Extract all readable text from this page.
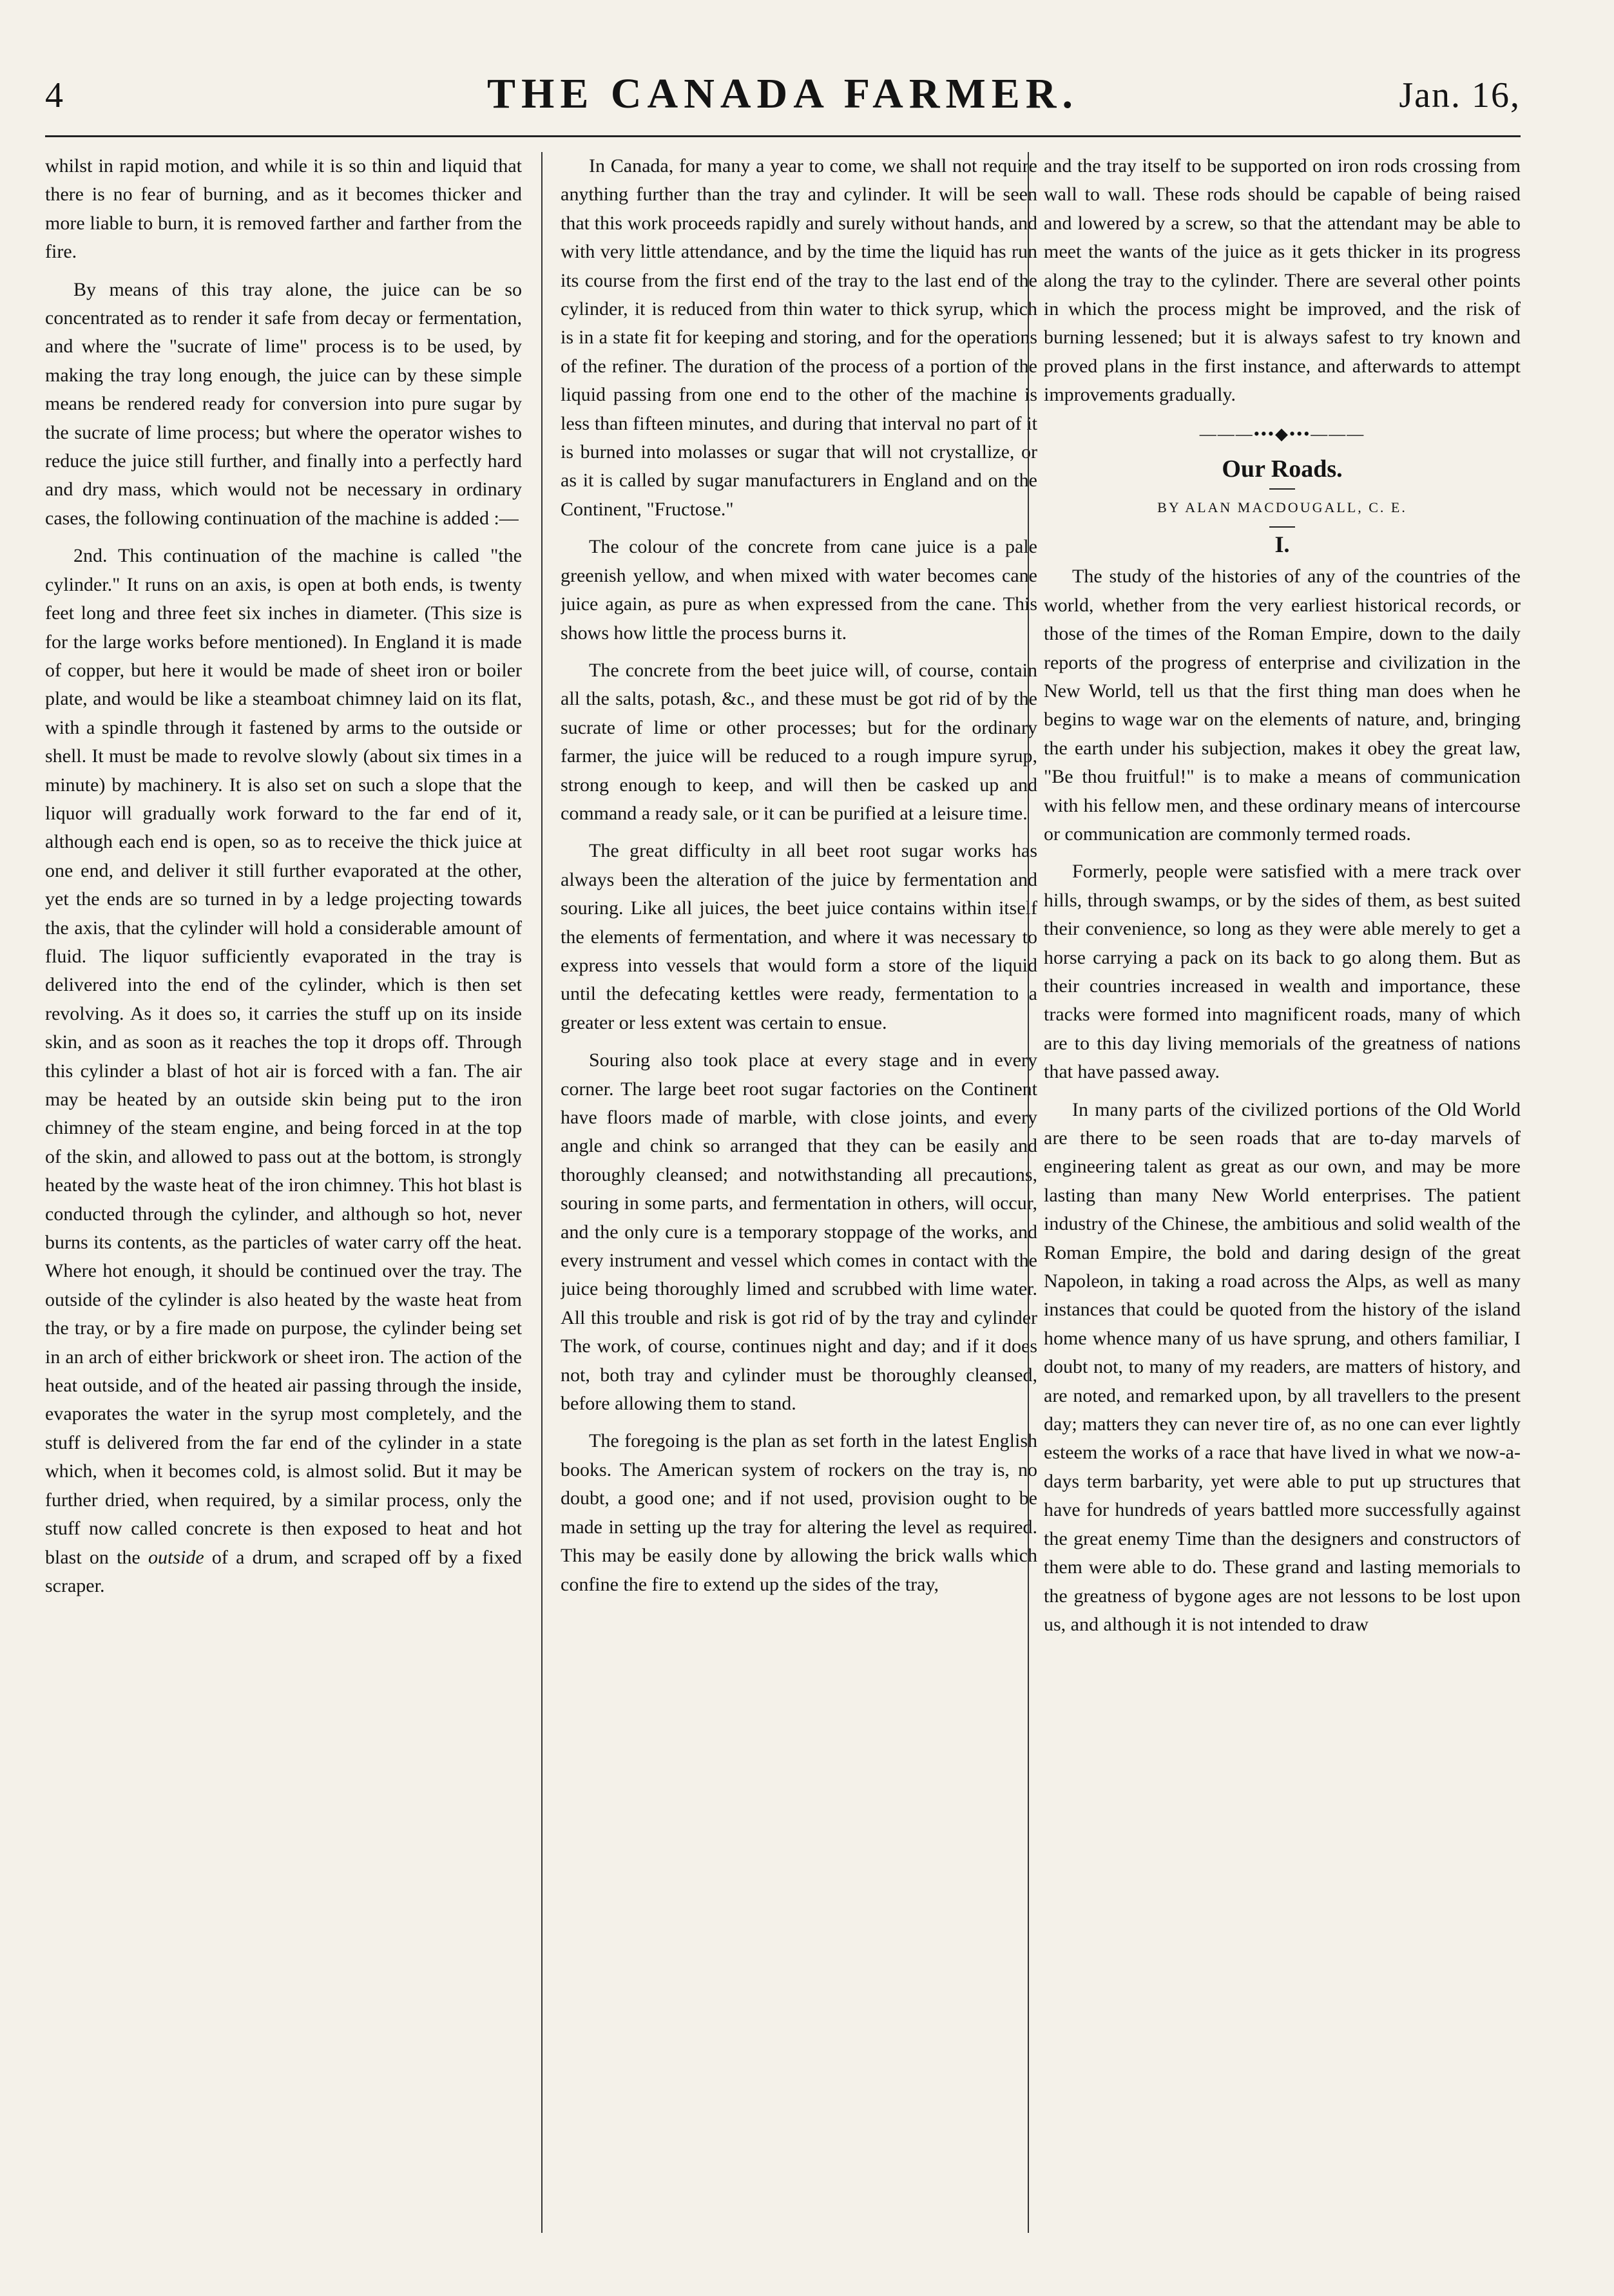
4	THE CANADA FARMER.	Jan. 16,

whilst in rapid motion, and while it is so thin and liquid that there is no fear of burning, and as it becomes thicker and more liable to burn, it is removed farther and farther from the fire.

By means of this tray alone, the juice can be so concentrated as to render it safe from decay or fermentation, and where the "sucrate of lime" process is to be used, by making the tray long enough, the juice can by these simple means be rendered ready for conversion into pure sugar by the sucrate of lime process; but where the operator wishes to reduce the juice still further, and finally into a perfectly hard and dry mass, which would not be necessary in ordinary cases, the following continuation of the machine is added :—

2nd. This continuation of the machine is called "the cylinder." It runs on an axis, is open at both ends, is twenty feet long and three feet six inches in diameter. (This size is for the large works before mentioned). In England it is made of copper, but here it would be made of sheet iron or boiler plate, and would be like a steamboat chimney laid on its flat, with a spindle through it fastened by arms to the outside or shell. It must be made to revolve slowly (about six times in a minute) by machinery. It is also set on such a slope that the liquor will gradually work forward to the far end of it, although each end is open, so as to receive the thick juice at one end, and deliver it still further evaporated at the other, yet the ends are so turned in by a ledge projecting towards the axis, that the cylinder will hold a considerable amount of fluid. The liquor sufficiently evaporated in the tray is delivered into the end of the cylinder, which is then set revolving. As it does so, it carries the stuff up on its inside skin, and as soon as it reaches the top it drops off. Through this cylinder a blast of hot air is forced with a fan. The air may be heated by an outside skin being put to the iron chimney of the steam engine, and being forced in at the top of the skin, and allowed to pass out at the bottom, is strongly heated by the waste heat of the iron chimney. This hot blast is conducted through the cylinder, and although so hot, never burns its contents, as the particles of water carry off the heat. Where hot enough, it should be continued over the tray. The outside of the cylinder is also heated by the waste heat from the tray, or by a fire made on purpose, the cylinder being set in an arch of either brickwork or sheet iron. The action of the heat outside, and of the heated air passing through the inside, evaporates the water in the syrup most completely, and the stuff is delivered from the far end of the cylinder in a state which, when it becomes cold, is almost solid. But it may be further dried, when required, by a similar process, only the stuff now called concrete is then exposed to heat and hot blast on the outside of a drum, and scraped off by a fixed scraper.

In Canada, for many a year to come, we shall not require anything further than the tray and cylinder. It will be seen that this work proceeds rapidly and surely without hands, and with very little attendance, and by the time the liquid has run its course from the first end of the tray to the last end of the cylinder, it is reduced from thin water to thick syrup, which is in a state fit for keeping and storing, and for the operations of the refiner. The duration of the process of a portion of the liquid passing from one end to the other of the machine is less than fifteen minutes, and during that interval no part of it is burned into molasses or sugar that will not crystallize, or as it is called by sugar manufacturers in England and on the Continent, "Fructose."

The colour of the concrete from cane juice is a pale greenish yellow, and when mixed with water becomes cane juice again, as pure as when expressed from the cane. This shows how little the process burns it.

The concrete from the beet juice will, of course, contain all the salts, potash, &c., and these must be got rid of by the sucrate of lime or other processes; but for the ordinary farmer, the juice will be reduced to a rough impure syrup, strong enough to keep, and will then be casked up and command a ready sale, or it can be purified at a leisure time.

The great difficulty in all beet root sugar works has always been the alteration of the juice by fermentation and souring. Like all juices, the beet juice contains within itself the elements of fermentation, and where it was necessary to express into vessels that would form a store of the liquid until the defecating kettles were ready, fermentation to a greater or less extent was certain to ensue.

Souring also took place at every stage and in every corner. The large beet root sugar factories on the Continent have floors made of marble, with close joints, and every angle and chink so arranged that they can be easily and thoroughly cleansed; and notwithstanding all precautions, souring in some parts, and fermentation in others, will occur, and the only cure is a temporary stoppage of the works, and every instrument and vessel which comes in contact with the juice being thoroughly limed and scrubbed with lime water. All this trouble and risk is got rid of by the tray and cylinder The work, of course, continues night and day; and if it does not, both tray and cylinder must be thoroughly cleansed, before allowing them to stand.

The foregoing is the plan as set forth in the latest English books. The American system of rockers on the tray is, no doubt, a good one; and if not used, provision ought to be made in setting up the tray for altering the level as required. This may be easily done by allowing the brick walls which confine the fire to extend up the sides of the tray,

and the tray itself to be supported on iron rods crossing from wall to wall. These rods should be capable of being raised and lowered by a screw, so that the attendant may be able to meet the wants of the juice as it gets thicker in its progress along the tray to the cylinder. There are several other points in which the process might be improved, and the risk of burning lessened; but it is always safest to try known and proved plans in the first instance, and afterwards to attempt improvements gradually.

———•••◆•••———
Our Roads.
BY ALAN MACDOUGALL, C. E.
I.

The study of the histories of any of the countries of the world, whether from the very earliest historical records, or those of the times of the Roman Empire, down to the daily reports of the progress of enterprise and civilization in the New World, tell us that the first thing man does when he begins to wage war on the elements of nature, and, bringing the earth under his subjection, makes it obey the great law, "Be thou fruitful!" is to make a means of communication with his fellow men, and these ordinary means of intercourse or communication are commonly termed roads.

Formerly, people were satisfied with a mere track over hills, through swamps, or by the sides of them, as best suited their convenience, so long as they were able merely to get a horse carrying a pack on its back to go along them. But as their countries increased in wealth and importance, these tracks were formed into magnificent roads, many of which are to this day living memorials of the greatness of nations that have passed away.

In many parts of the civilized portions of the Old World are there to be seen roads that are to-day marvels of engineering talent as great as our own, and may be more lasting than many New World enterprises. The patient industry of the Chinese, the ambitious and solid wealth of the Roman Empire, the bold and daring design of the great Napoleon, in taking a road across the Alps, as well as many instances that could be quoted from the history of the island home whence many of us have sprung, and others familiar, I doubt not, to many of my readers, are matters of history, and are noted, and remarked upon, by all travellers to the present day; matters they can never tire of, as no one can ever lightly esteem the works of a race that have lived in what we now-a-days term barbarity, yet were able to put up structures that have for hundreds of years battled more successfully against the great enemy Time than the designers and constructors of them were able to do. These grand and lasting memorials to the greatness of bygone ages are not lessons to be lost upon us, and although it is not intended to draw
